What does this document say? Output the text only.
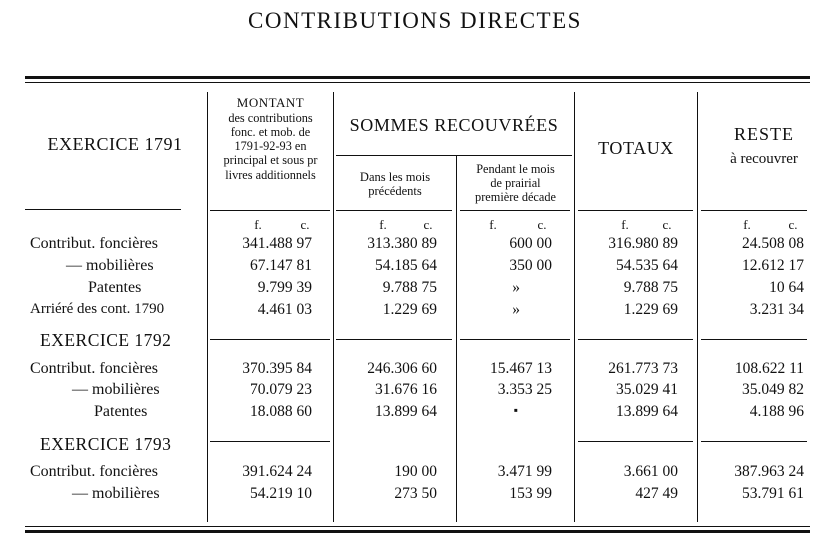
CONTRIBUTIONS DIRECTES
EXERCICE 1791
MONTANT
des contributions
fonc. et mob. de
1791-92-93 en
principal et sous pr
livres additionnels
SOMMES RECOUVRÉES
Dans les mois
précédents
Pendant le mois
de prairial
première décade
TOTAUX
RESTE
à recouvrer
f.	c.	f.	c.	f.	c.	f.	c.	f.	c.
Contribut. foncières	341.488 97	313.380 89	600 00	316.980 89	24.508 08
— mobilières	67.147 81	54.185 64	350 00	54.535 64	12.612 17
Patentes	9.799 39	9.788 75	»	9.788 75	10 64
Arriéré des cont. 1790	4.461 03	1.229 69	»	1.229 69	3.231 34
EXERCICE 1792
Contribut. foncières	370.395 84	246.306 60	15.467 13	261.773 73	108.622 11
— mobilières	70.079 23	31.676 16	3.353 25	35.029 41	35.049 82
Patentes	18.088 60	13.899 64	▪	13.899 64	4.188 96
EXERCICE 1793
Contribut. foncières	391.624 24	190 00	3.471 99	3.661 00	387.963 24
— mobilières	54.219 10	273 50	153 99	427 49	53.791 61
